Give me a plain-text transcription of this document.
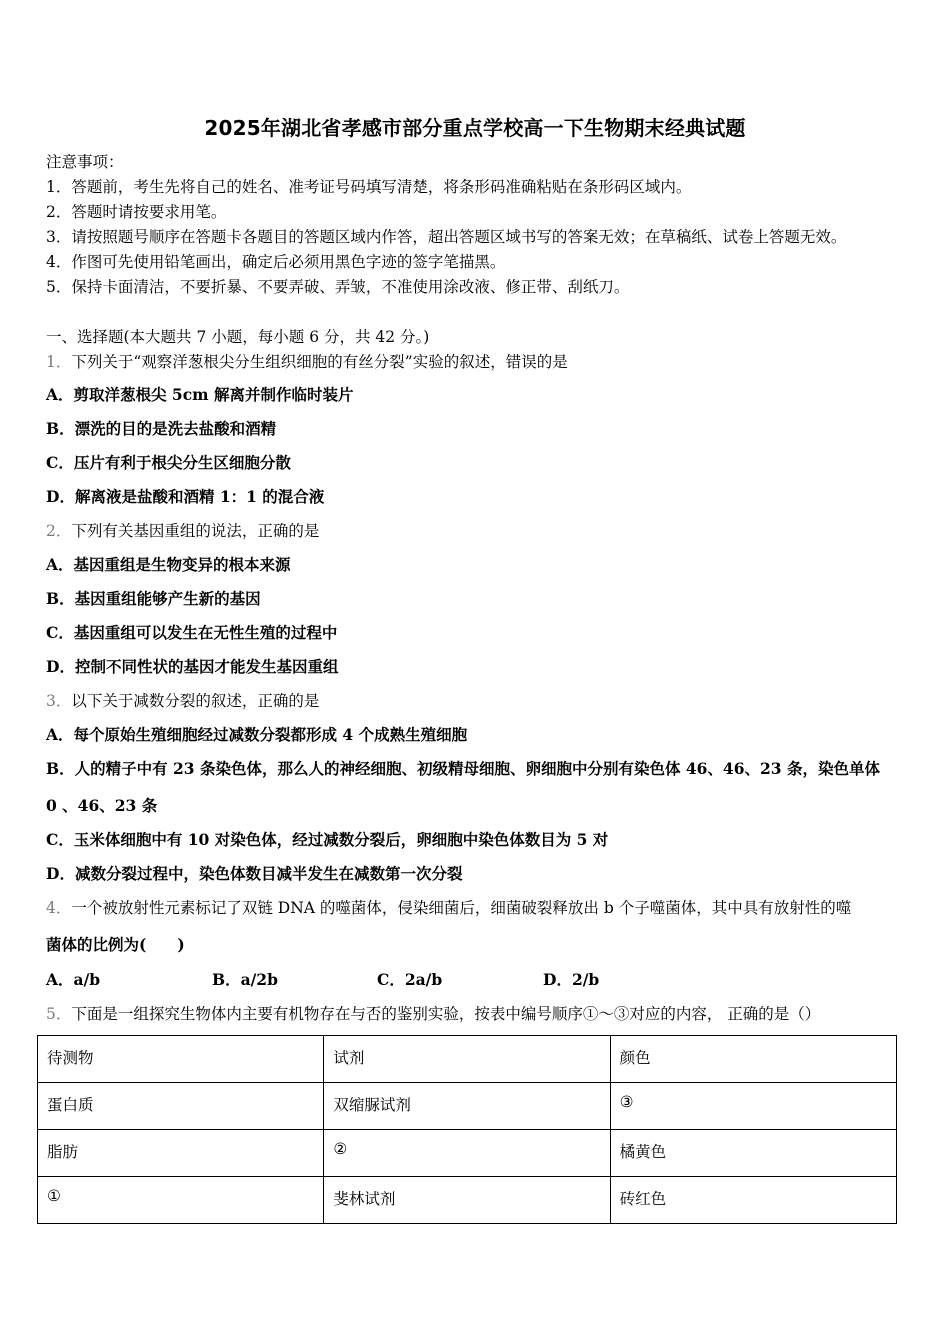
2025年湖北省孝感市部分重点学校高一下生物期末经典试题
注意事项：
1．答题前，考生先将自己的姓名、准考证号码填写清楚，将条形码准确粘贴在条形码区域内。
2．答题时请按要求用笔。
3．请按照题号顺序在答题卡各题目的答题区域内作答，超出答题区域书写的答案无效；在草稿纸、试卷上答题无效。
4．作图可先使用铅笔画出，确定后必须用黑色字迹的签字笔描黑。
5．保持卡面清洁，不要折暴、不要弄破、弄皱，不准使用涂改液、修正带、刮纸刀。
一、选择题(本大题共 7 小题，每小题 6 分，共 42 分。)
1．下列关于“观察洋葱根尖分生组织细胞的有丝分裂”实验的叙述，错误的是
A．剪取洋葱根尖 5cm 解离并制作临时装片
B．漂洗的目的是洗去盐酸和酒精
C．压片有利于根尖分生区细胞分散
D．解离液是盐酸和酒精 1：1 的混合液
2．下列有关基因重组的说法，正确的是
A．基因重组是生物变异的根本来源
B．基因重组能够产生新的基因
C．基因重组可以发生在无性生殖的过程中
D．控制不同性状的基因才能发生基因重组
3．以下关于减数分裂的叙述，正确的是
A．每个原始生殖细胞经过减数分裂都形成 4 个成熟生殖细胞
B．人的精子中有 23 条染色体，那么人的神经细胞、初级精母细胞、卵细胞中分别有染色体 46、46、23 条，染色单体
0 、46、23 条
C．玉米体细胞中有 10 对染色体，经过减数分裂后，卵细胞中染色体数目为 5 对
D．减数分裂过程中，染色体数目减半发生在减数第一次分裂
4．一个被放射性元素标记了双链 DNA 的噬菌体，侵染细菌后，细菌破裂释放出 b 个子噬菌体，其中具有放射性的噬
菌体的比例为(　　)
A．a/b	B．a/2b	C．2a/b	D．2/b
5．下面是一组探究生物体内主要有机物存在与否的鉴别实验，按表中编号顺序①～③对应的内容， 正确的是（）
待测物	试剂	颜色
蛋白质	双缩脲试剂	③
脂肪	②	橘黄色
①	斐林试剂	砖红色
